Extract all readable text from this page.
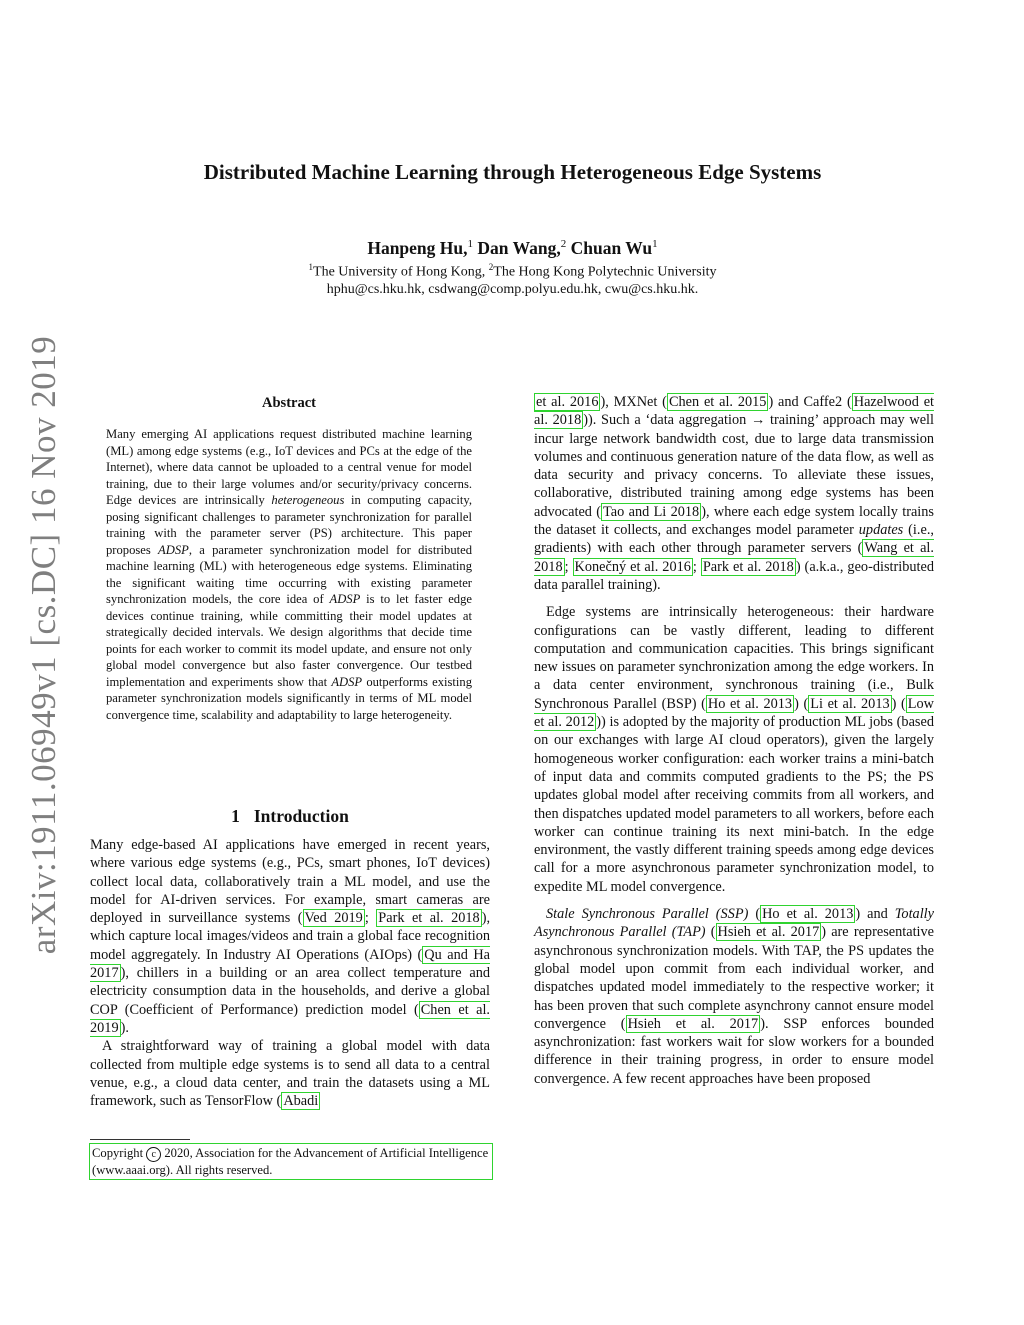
arXiv:1911.06949v1 [cs.DC] 16 Nov 2019
Distributed Machine Learning through Heterogeneous Edge Systems
Hanpeng Hu,$^1$ Dan Wang,$^2$ Chuan Wu$^1$
$^1$The University of Hong Kong, $^2$The Hong Kong Polytechnic University
hphu@cs.hku.hk, csdwang@comp.polyu.edu.hk, cwu@cs.hku.hk.
Abstract
Many emerging AI applications request distributed machine learning (ML) among edge systems (e.g., IoT devices and PCs at the edge of the Internet), where data cannot be uploaded to a central venue for model training, due to their large volumes and/or security/privacy concerns. Edge devices are intrinsically heterogeneous in computing capacity, posing significant challenges to parameter synchronization for parallel training with the parameter server (PS) architecture. This paper proposes ADSP, a parameter synchronization model for distributed machine learning (ML) with heterogeneous edge systems. Eliminating the significant waiting time occurring with existing parameter synchronization models, the core idea of ADSP is to let faster edge devices continue training, while committing their model updates at strategically decided intervals. We design algorithms that decide time points for each worker to commit its model update, and ensure not only global model convergence but also faster convergence. Our testbed implementation and experiments show that ADSP outperforms existing parameter synchronization models significantly in terms of ML model convergence time, scalability and adaptability to large heterogeneity.
1 Introduction

Many edge-based AI applications have emerged in recent years, where various edge systems (e.g., PCs, smart phones, IoT devices) collect local data, collaboratively train a ML model, and use the model for AI-driven services. For example, smart cameras are deployed in surveillance systems ( Ved 2019 ; Park et al. 2018 ), which capture local images/videos and train a global face recognition model aggregately. In Industry AI Operations (AIOps) ( Qu and Ha 2017 ), chillers in a building or an area collect temperature and electricity consumption data in the households, and derive a global COP (Coefficient of Performance) prediction model ( Chen et al. 2019 ).

A straightforward way of training a global model with data collected from multiple edge systems is to send all data to a central venue, e.g., a cloud data center, and train the datasets using a ML framework, such as TensorFlow ( Abadi

Copyright c 2020, Association for the Advancement of Artificial Intelligence (www.aaai.org). All rights reserved.

et al. 2016 ), MXNet ( Chen et al. 2015 ) and Caffe2 ( Hazelwood et al. 2018 )). Such a ‘data aggregation → training’ approach may well incur large network bandwidth cost, due to large data transmission volumes and continuous generation nature of the data flow, as well as data security and privacy concerns. To alleviate these issues, collaborative, distributed training among edge systems has been advocated ( Tao and Li 2018 ), where each edge system locally trains the dataset it collects, and exchanges model parameter updates (i.e., gradients) with each other through parameter servers ( Wang et al. 2018 ; Konečný et al. 2016 ; Park et al. 2018 ) (a.k.a., geo-distributed data parallel training).

Edge systems are intrinsically heterogeneous: their hardware configurations can be vastly different, leading to different computation and communication capacities. This brings significant new issues on parameter synchronization among the edge workers. In a data center environment, synchronous training (i.e., Bulk Synchronous Parallel (BSP) ( Ho et al. 2013 ) ( Li et al. 2013 ) ( Low et al. 2012 )) is adopted by the majority of production ML jobs (based on our exchanges with large AI cloud operators), given the largely homogeneous worker configuration: each worker trains a mini-batch of input data and commits computed gradients to the PS; the PS updates global model after receiving commits from all workers, and then dispatches updated model parameters to all workers, before each worker can continue training its next mini-batch. In the edge environment, the vastly different training speeds among edge devices call for a more asynchronous parameter synchronization model, to expedite ML model convergence.

Stale Synchronous Parallel (SSP) ( Ho et al. 2013 ) and Totally Asynchronous Parallel (TAP) ( Hsieh et al. 2017 ) are representative asynchronous synchronization models. With TAP, the PS updates the global model upon commit from each individual worker, and dispatches updated model immediately to the respective worker; it has been proven that such complete asynchrony cannot ensure model convergence ( Hsieh et al. 2017 ). SSP enforces bounded asynchronization: fast workers wait for slow workers for a bounded difference in their training progress, in order to ensure model convergence. A few recent approaches have been proposed
